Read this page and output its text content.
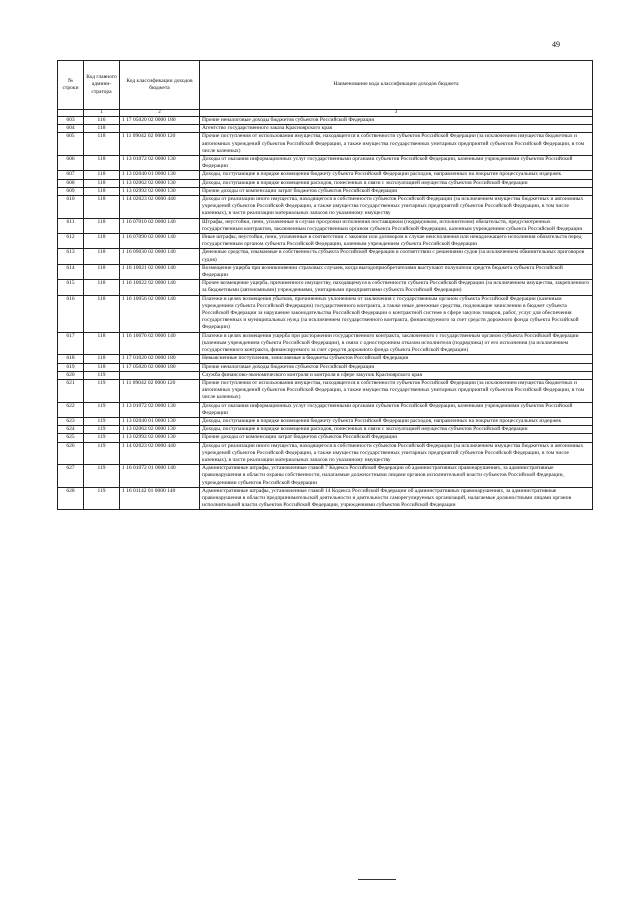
49
№ строки	Код главного админи-стратора	Код классификации доходов бюджета	Наименование кода классификации доходов бюджета
	1	2	3
603	116	1 17 05020 02 0000 180	Прочие неналоговые доходы бюджетов субъектов Российской Федерации
604	118		Агентство государственного заказа Красноярского края
605	118	1 11 09042 02 0000 120	Прочие поступления от использования имущества, находящегося в собственности субъектов Российской Федерации (за исключением имущества бюджетных и автономных учреждений субъектов Российской Федерации, а также имущества государственных унитарных предприятий субъектов Российской Федерации, в том числе казенных)
606	118	1 13 01072 02 0000 130	Доходы от оказания информационных услуг государственными органами субъектов Российской Федерации, казенными учреждениями субъектов Российской Федерации
607	118	1 13 02040 01 0000 130	Доходы, поступающие в порядке возмещения бюджету субъекта Российской Федерации расходов, направленных на покрытие процессуальных издержек
608	118	1 13 02062 02 0000 130	Доходы, поступающие в порядке возмещения расходов, понесенных в связи с эксплуатацией имущества субъектов Российской Федерации
609	118	1 13 02992 02 0000 130	Прочие доходы от компенсации затрат бюджетов субъектов Российской Федерации
610	118	1 14 02023 02 0000 440	Доходы от реализации иного имущества, находящегося в собственности субъектов Российской Федерации (за исключением имущества бюджетных и автономных учреждений субъектов Российской Федерации, а также имущества государственных унитарных предприятий субъектов Российской Федерации, в том числе казенных), в части реализации материальных запасов по указанному имуществу
611	118	1 16 07010 02 0000 140	Штрафы, неустойки, пени, уплаченные в случае просрочки исполнения поставщиком (подрядчиком, исполнителем) обязательств, предусмотренных государственным контрактом, заключенным государственным органом субъекта Российской Федерации, казенным учреждением субъекта Российской Федерации
612	118	1 16 07090 02 0000 140	Иные штрафы, неустойки, пени, уплаченные в соответствии с законом или договором в случае неисполнения или ненадлежащего исполнения обязательств перед государственным органом субъекта Российской Федерации, казенным учреждением субъекта Российской Федерации
613	118	1 16 09030 02 0000 140	Денежные средства, изымаемые в собственность субъекта Российской Федерации в соответствии с решениями судов (за исключением обвинительных приговоров судов)
614	118	1 16 10021 02 0000 140	Возмещение ущерба при возникновении страховых случаев, когда выгодоприобретателями выступают получатели средств бюджета субъекта Российской Федерации
615	118	1 16 10022 02 0000 140	Прочее возмещение ущерба, причиненного имуществу, находящемуся в собственности субъекта Российской Федерации (за исключением имущества, закрепленного за бюджетными (автономными) учреждениями, унитарными предприятиями субъекта Российской Федерации)
616	118	1 16 10056 02 0000 140	Платежи в целях возмещения убытков, причиненных уклонением от заключения с государственным органом субъекта Российской Федерации (казенным учреждением субъекта Российской Федерации) государственного контракта, а также иные денежные средства, подлежащие зачислению в бюджет субъекта Российской Федерации за нарушение законодательства Российской Федерации о контрактной системе в сфере закупок товаров, работ, услуг для обеспечения государственных и муниципальных нужд (за исключением государственного контракта, финансируемого за счет средств дорожного фонда субъекта Российской Федерации)
617	118	1 16 10076 02 0000 140	Платежи в целях возмещения ущерба при расторжении государственного контракта, заключенного с государственным органом субъекта Российской Федерации (казенным учреждением субъекта Российской Федерации), в связи с односторонним отказом исполнителя (подрядчика) от его исполнения (за исключением государственного контракта, финансируемого за счет средств дорожного фонда субъекта Российской Федерации)
618	118	1 17 01020 02 0000 180	Невыясненные поступления, зачисляемые в бюджеты субъектов Российской Федерации
619	118	1 17 05020 02 0000 180	Прочие неналоговые доходы бюджетов субъектов Российской Федерации
620	119		Служба финансово-экономического контроля и контроля в сфере закупок Красноярского края
621	119	1 11 09042 02 0000 120	Прочие поступления от использования имущества, находящегося в собственности субъектов Российской Федерации (за исключением имущества бюджетных и автономных учреждений субъектов Российской Федерации, а также имущества государственных унитарных предприятий субъектов Российской Федерации, в том числе казенных)
622	119	1 13 01072 02 0000 130	Доходы от оказания информационных услуг государственными органами субъектов Российской Федерации, казенными учреждениями субъектов Российской Федерации
623	119	1 13 02040 01 0000 130	Доходы, поступающие в порядке возмещения бюджету субъекта Российской Федерации расходов, направленных на покрытие процессуальных издержек
624	119	1 13 02062 02 0000 130	Доходы, поступающие в порядке возмещения расходов, понесенных в связи с эксплуатацией имущества субъектов Российской Федерации
625	119	1 13 02992 02 0000 130	Прочие доходы от компенсации затрат бюджетов субъектов Российской Федерации
626	119	1 14 02023 02 0000 440	Доходы от реализации иного имущества, находящегося в собственности субъектов Российской Федерации (за исключением имущества бюджетных и автономных учреждений субъектов Российской Федерации, а также имущества государственных унитарных предприятий субъектов Российской Федерации, в том числе казенных), в части реализации материальных запасов по указанному имуществу
627	119	1 16 01072 01 0000 140	Административные штрафы, установленные главой 7 Кодекса Российской Федерации об административных правонарушениях, за административные правонарушения в области охраны собственности, налагаемые должностными лицами органов исполнительной власти субъектов Российской Федерации, учреждениями субъектов Российской Федерации
628	119	1 16 01142 01 0000 140	Административные штрафы, установленные главой 14 Кодекса Российской Федерации об административных правонарушениях, за административные правонарушения в области предпринимательской деятельности и деятельности саморегулируемых организаций, налагаемые должностными лицами органов исполнительной власти субъектов Российской Федерации, учреждениями субъектов Российской Федерации
